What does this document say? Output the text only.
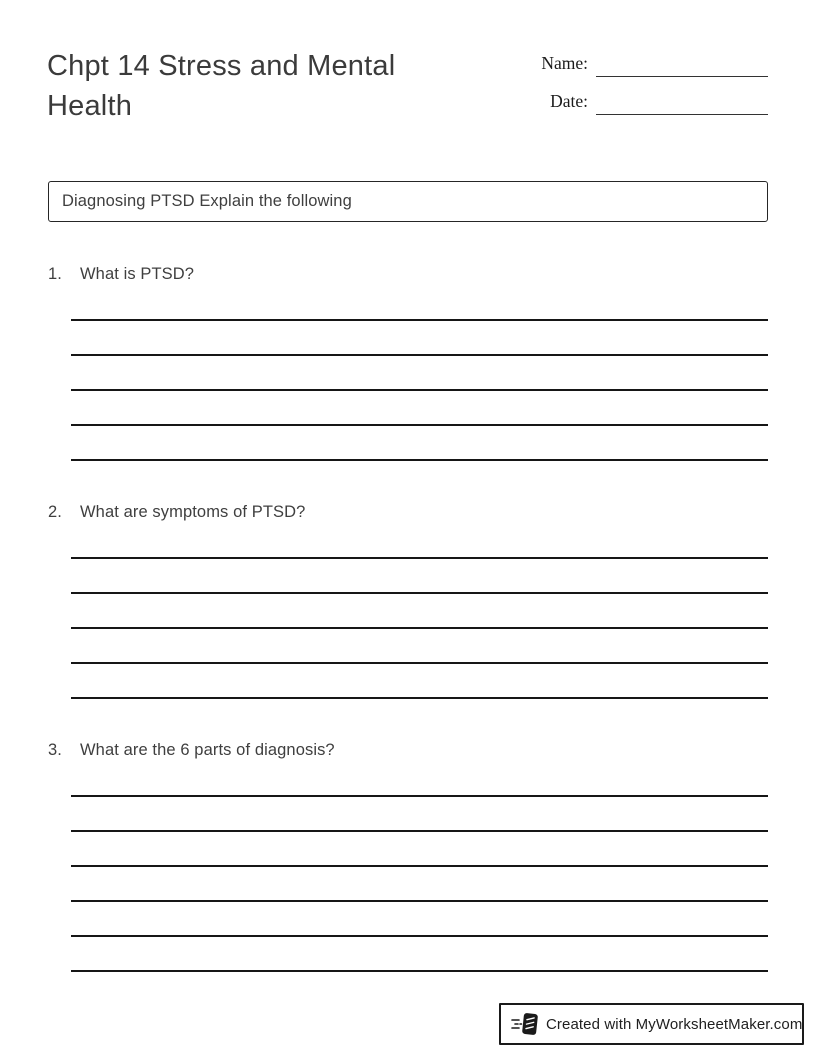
Chpt 14 Stress and Mental Health
Name:
Date:
Diagnosing PTSD Explain the following
1.	What is PTSD?
2.	What are symptoms of PTSD?
3.	What are the 6 parts of diagnosis?
Created with MyWorksheetMaker.com
